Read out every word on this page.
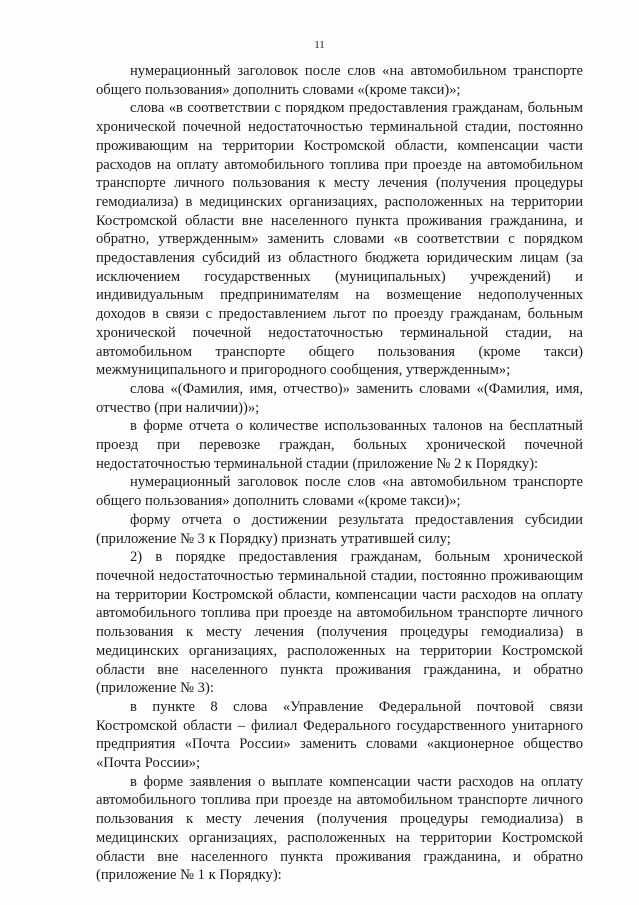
11

нумерационный заголовок после слов «на автомобильном транспорте общего пользования» дополнить словами «(кроме такси)»;

слова «в соответствии с порядком предоставления гражданам, больным хронической почечной недостаточностью терминальной стадии, постоянно проживающим на территории Костромской области, компенсации части расходов на оплату автомобильного топлива при проезде на автомобильном транспорте личного пользования к месту лечения (получения процедуры гемодиализа) в медицинских организациях, расположенных на территории Костромской области вне населенного пункта проживания гражданина, и обратно, утвержденным» заменить словами «в соответствии с порядком предоставления субсидий из областного бюджета юридическим лицам (за исключением государственных (муниципальных) учреждений) и индивидуальным предпринимателям на возмещение недополученных доходов в связи с предоставлением льгот по проезду гражданам, больным хронической почечной недостаточностью терминальной стадии, на автомобильном транспорте общего пользования (кроме такси) межмуниципального и пригородного сообщения, утвержденным»;

слова «(Фамилия, имя, отчество)» заменить словами «(Фамилия, имя, отчество (при наличии))»;

в форме отчета о количестве использованных талонов на бесплатный проезд при перевозке граждан, больных хронической почечной недостаточностью терминальной стадии (приложение № 2 к Порядку):

нумерационный заголовок после слов «на автомобильном транспорте общего пользования» дополнить словами «(кроме такси)»;

форму отчета о достижении результата предоставления субсидии (приложение № 3 к Порядку) признать утратившей силу;

2) в порядке предоставления гражданам, больным хронической почечной недостаточностью терминальной стадии, постоянно проживающим на территории Костромской области, компенсации части расходов на оплату автомобильного топлива при проезде на автомобильном транспорте личного пользования к месту лечения (получения процедуры гемодиализа) в медицинских организациях, расположенных на территории Костромской области вне населенного пункта проживания гражданина, и обратно (приложение № 3):

в пункте 8 слова «Управление Федеральной почтовой связи Костромской области – филиал Федерального государственного унитарного предприятия «Почта России» заменить словами «акционерное общество «Почта России»;

в форме заявления о выплате компенсации части расходов на оплату автомобильного топлива при проезде на автомобильном транспорте личного пользования к месту лечения (получения процедуры гемодиализа) в медицинских организациях, расположенных на территории Костромской области вне населенного пункта проживания гражданина, и обратно (приложение № 1 к Порядку):
